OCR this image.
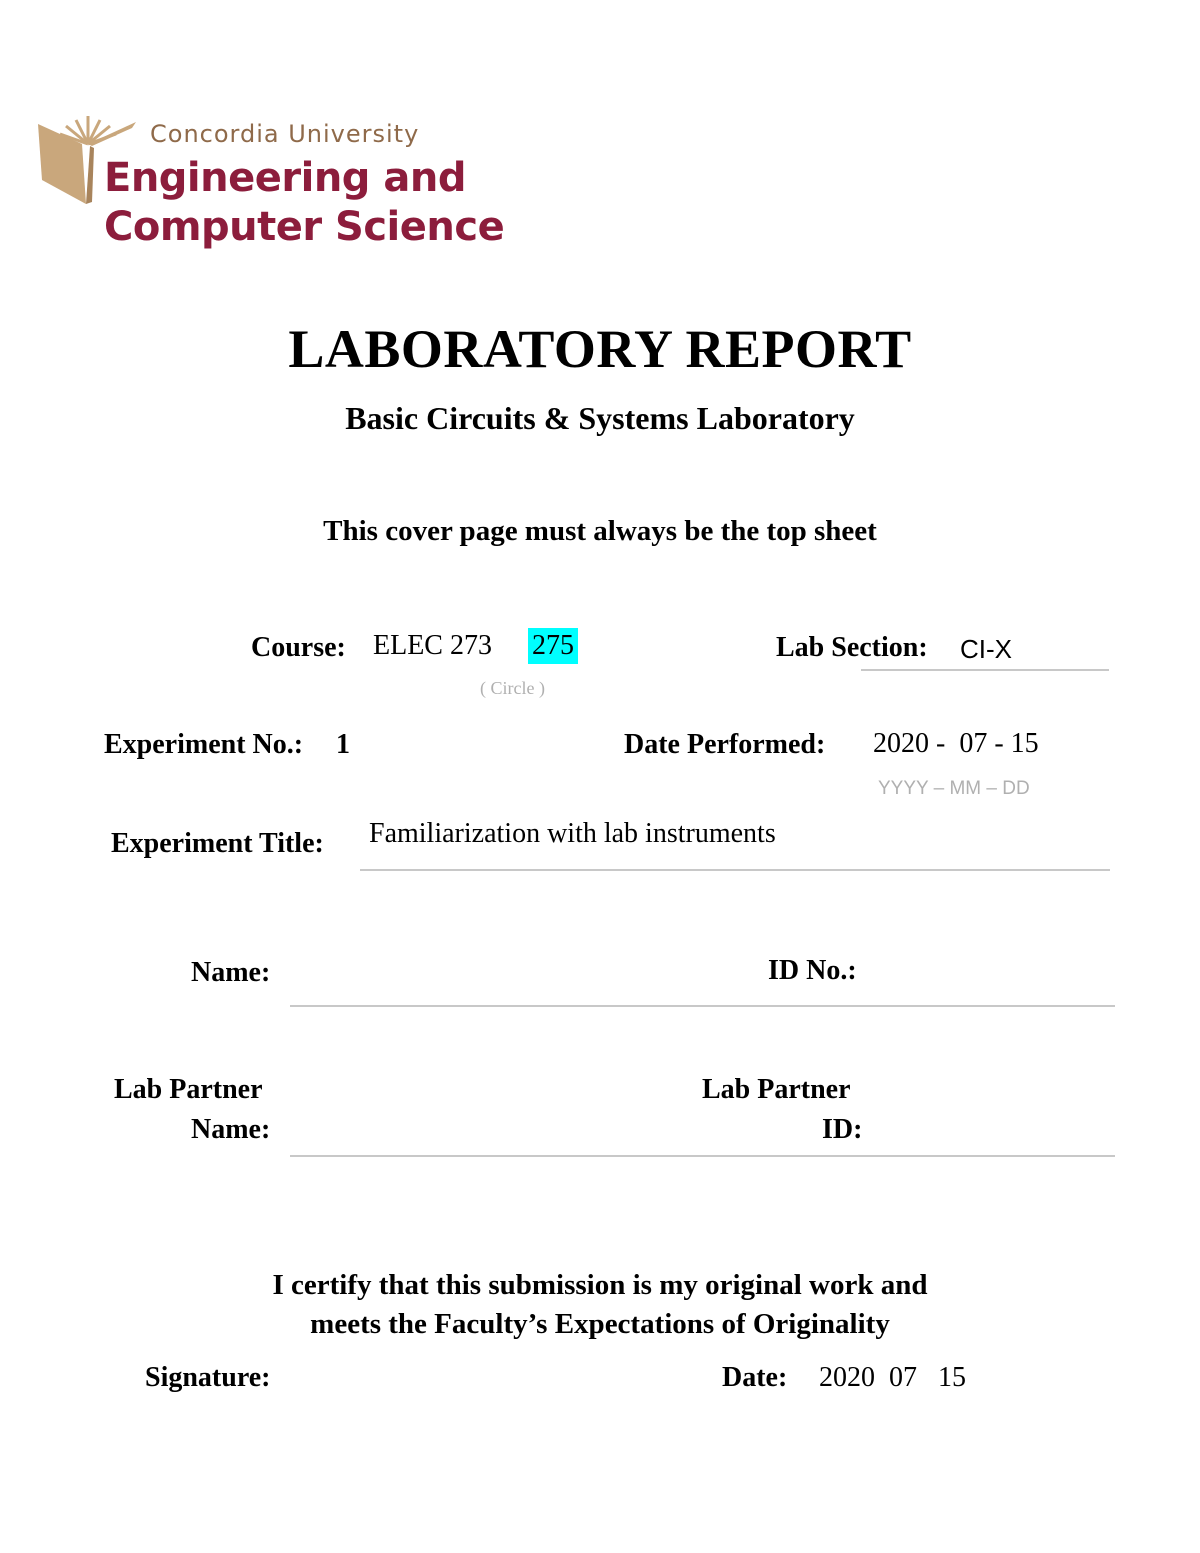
Concordia University
Engineering and
Computer Science
LABORATORY REPORT
Basic Circuits & Systems Laboratory
This cover page must always be the top sheet
Course: ELEC 273 275
( Circle )
Lab Section: CI-X
Experiment No.: 1	Date Performed: 2020 -  07 - 15
YYYY – MM – DD
Experiment Title: Familiarization with lab instruments
Name:	ID No.:
Lab Partner
Name:
Lab Partner
ID:
I certify that this submission is my original work and
meets the Faculty’s Expectations of Originality
Signature:	Date: 2020  07   15
